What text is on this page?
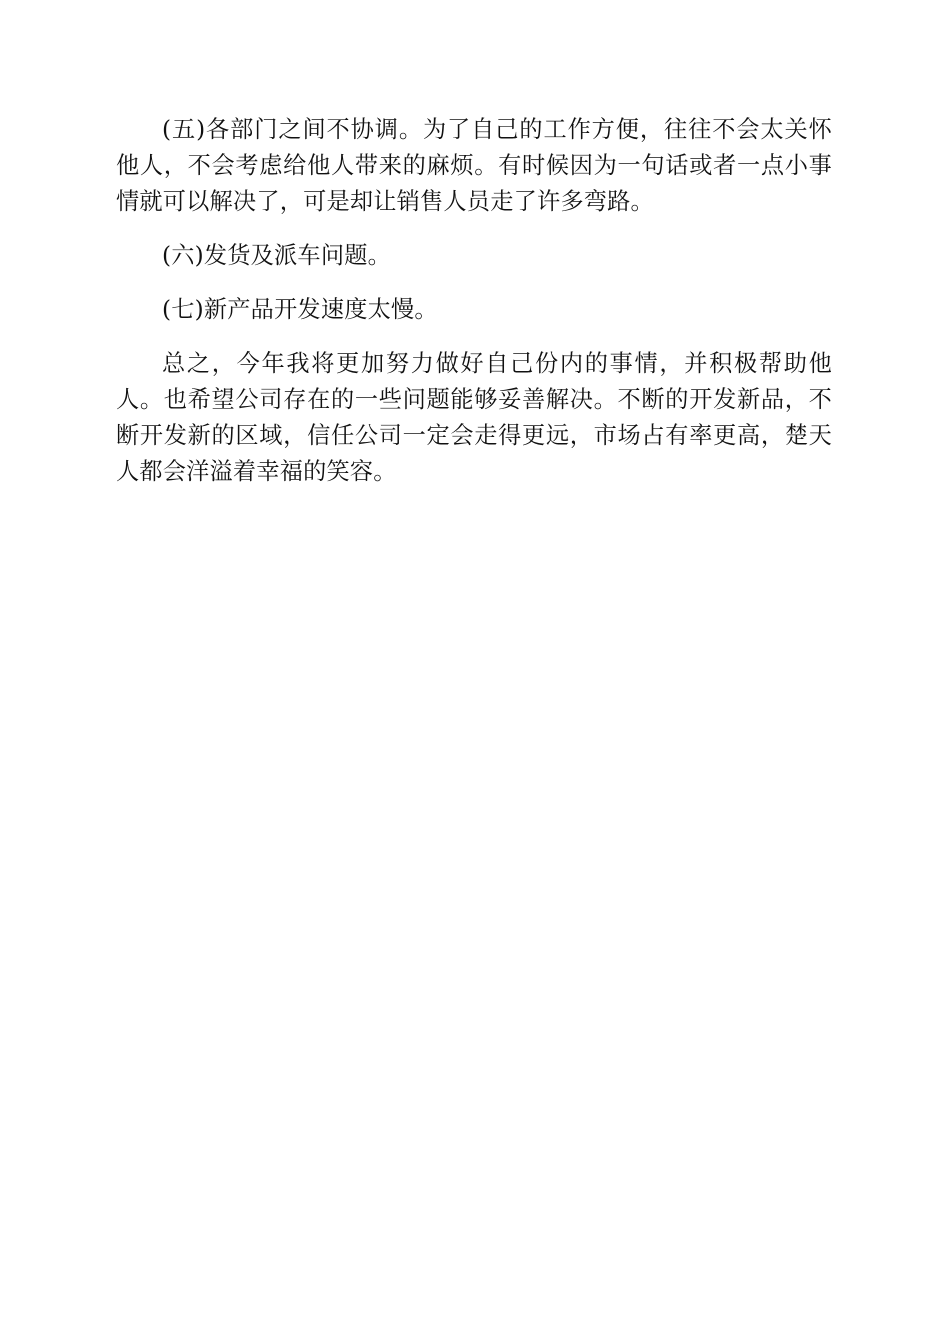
(五)各部门之间不协调。为了自己的工作方便，往往不会太关怀他人，不会考虑给他人带来的麻烦。有时候因为一句话或者一点小事情就可以解决了，可是却让销售人员走了许多弯路。

(六)发货及派车问题。

(七)新产品开发速度太慢。

总之，今年我将更加努力做好自己份内的事情，并积极帮助他人。也希望公司存在的一些问题能够妥善解决。不断的开发新品，不断开发新的区域，信任公司一定会走得更远，市场占有率更高，楚天人都会洋溢着幸福的笑容。
